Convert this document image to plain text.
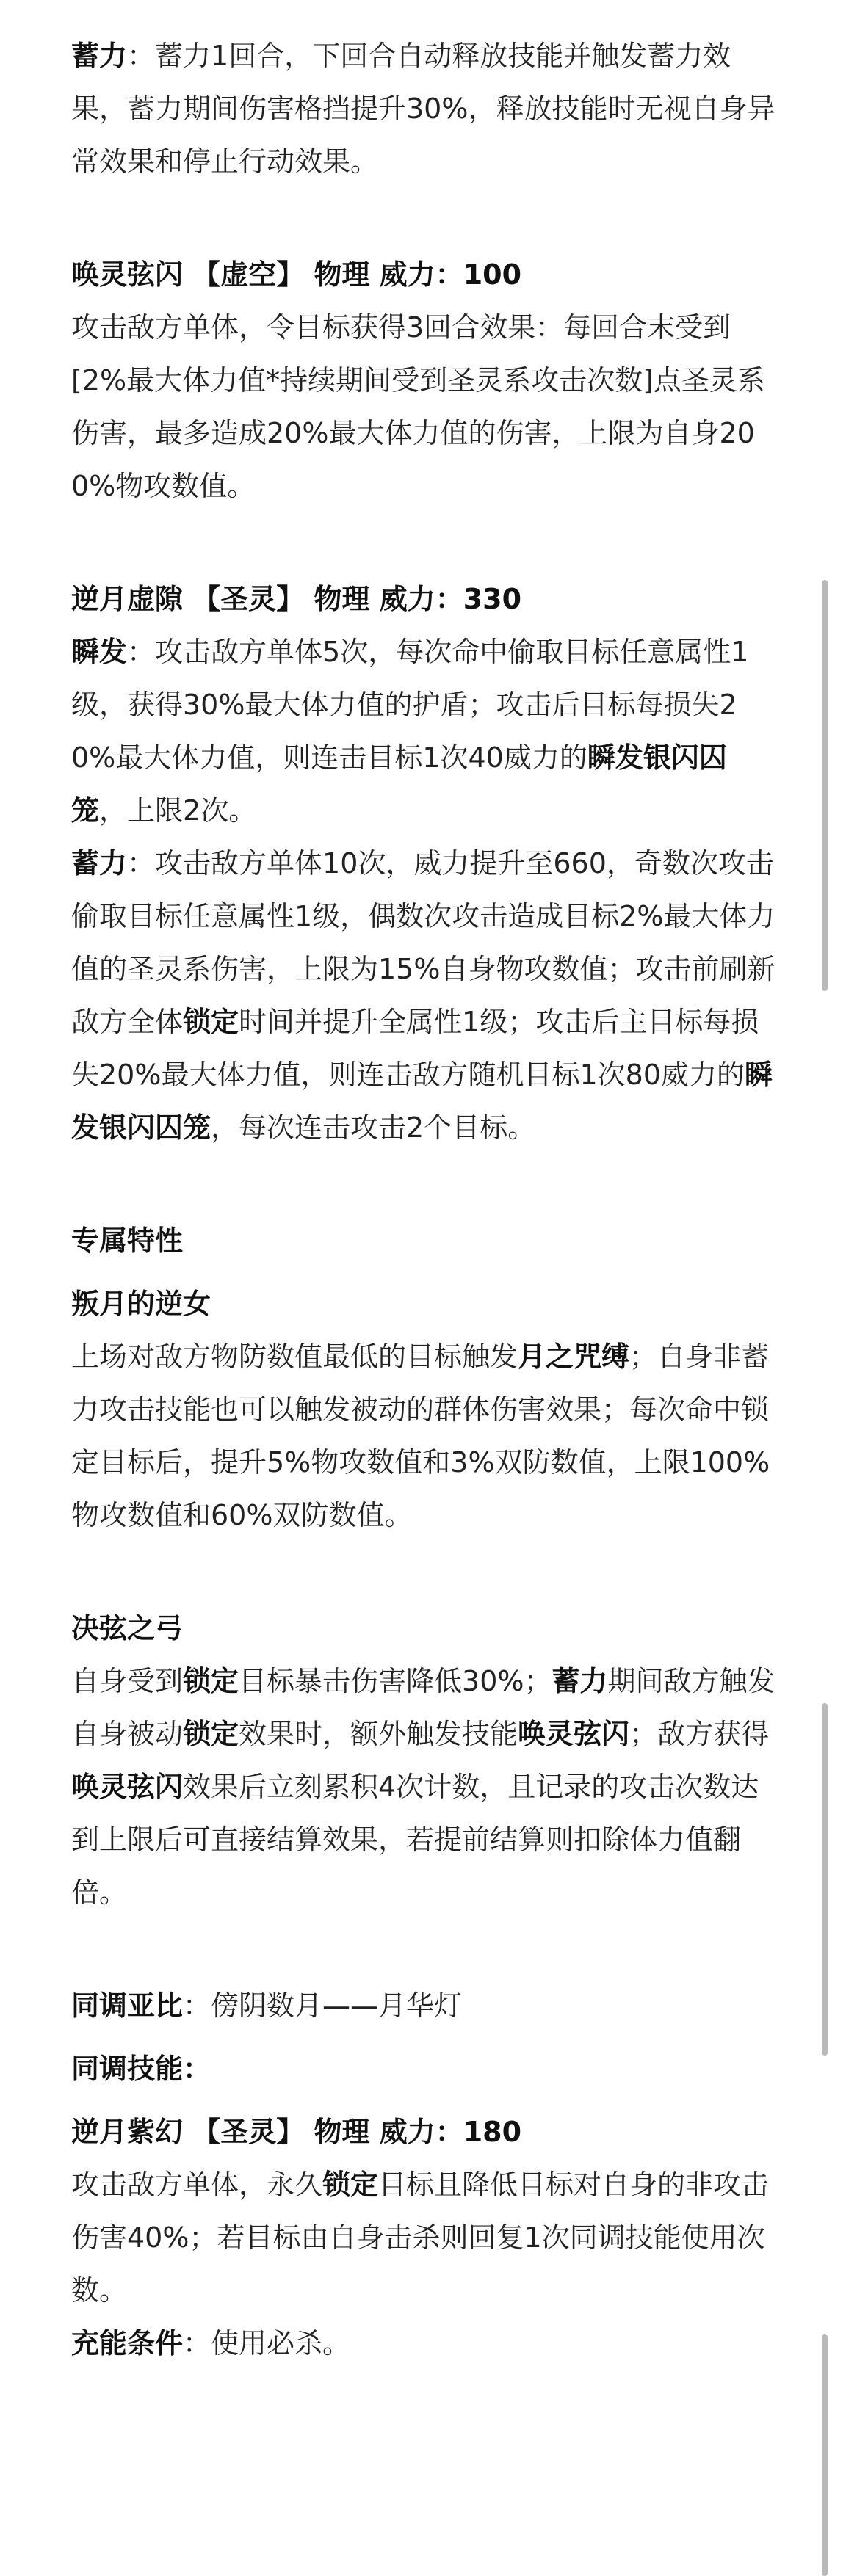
蓄力：蓄力1回合，下回合自动释放技能并触发蓄力效果，蓄力期间伤害格挡提升30%，释放技能时无视自身异常效果和停止行动效果。

唤灵弦闪 【虚空】 物理 威力：100

攻击敌方单体，令目标获得3回合效果：每回合末受到[2%最大体力值*持续期间受到圣灵系攻击次数]点圣灵系伤害，最多造成20%最大体力值的伤害，上限为自身200%物攻数值。

逆月虚隙 【圣灵】 物理 威力：330

瞬发：攻击敌方单体5次，每次命中偷取目标任意属性1级，获得30%最大体力值的护盾；攻击后目标每损失20%最大体力值，则连击目标1次40威力的瞬发银闪囚笼，上限2次。

蓄力：攻击敌方单体10次，威力提升至660，奇数次攻击偷取目标任意属性1级，偶数次攻击造成目标2%最大体力值的圣灵系伤害，上限为15%自身物攻数值；攻击前刷新敌方全体锁定时间并提升全属性1级；攻击后主目标每损失20%最大体力值，则连击敌方随机目标1次80威力的瞬发银闪囚笼，每次连击攻击2个目标。

专属特性

叛月的逆女

上场对敌方物防数值最低的目标触发月之咒缚；自身非蓄力攻击技能也可以触发被动的群体伤害效果；每次命中锁定目标后，提升5%物攻数值和3%双防数值，上限100%物攻数值和60%双防数值。

决弦之弓

自身受到锁定目标暴击伤害降低30%；蓄力期间敌方触发自身被动锁定效果时，额外触发技能唤灵弦闪；敌方获得唤灵弦闪效果后立刻累积4次计数，且记录的攻击次数达到上限后可直接结算效果，若提前结算则扣除体力值翻倍。

同调亚比：傍阴数月——月华灯

同调技能：

逆月紫幻 【圣灵】 物理 威力：180

攻击敌方单体，永久锁定目标且降低目标对自身的非攻击伤害40%；若目标由自身击杀则回复1次同调技能使用次数。

充能条件：使用必杀。
